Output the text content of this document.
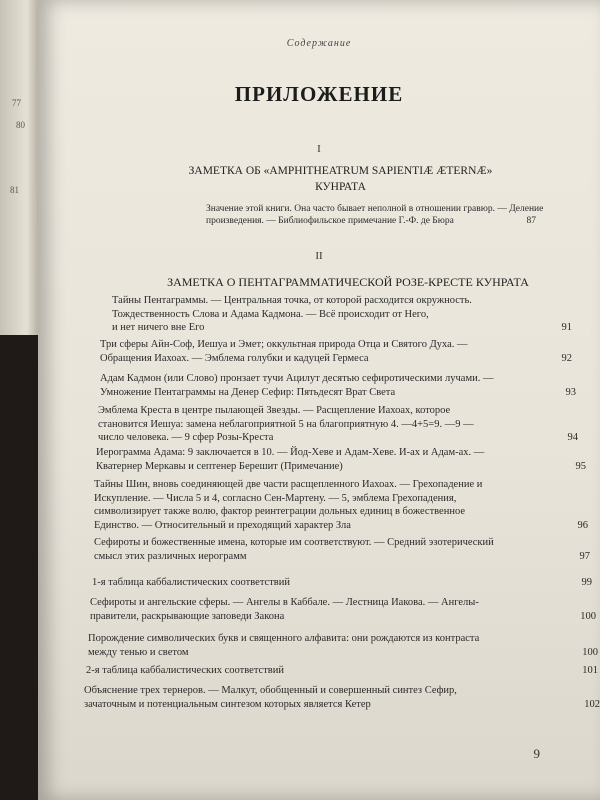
77
80
81
Содержание
ПРИЛОЖЕНИЕ
I
ЗАМЕТКА ОБ «AMPHITHEATRUM SAPIENTIÆ ÆTERNÆ»
КУНРАТА
Значение этой книги. Она часто бывает неполной в отношении гравюр. — Деление
произведения. — Библиофильское примечание Г.-Ф. де Бюра	87
II
ЗАМЕТКА О ПЕНТАГРАММАТИЧЕСКОЙ РОЗЕ-КРЕСТЕ КУНРАТА
Тайны Пентаграммы. — Центральная точка, от которой расходится окружность.
Тождественность Слова и Адама Кадмона. — Всё происходит от Него,
и нет ничего вне Его	91
Три сферы Айн-Соф, Иешуа и Эмет; оккультная природа Отца и Святого Духа. —
Обращения Иахоах. — Эмблема голубки и кадуцей Гермеса	92
Адам Кадмон (или Слово) пронзает тучи Ацилут десятью сефиротическими лучами. —
Умножение Пентаграммы на Денер Сефир: Пятьдесят Врат Света	93
Эмблема Креста в центре пылающей Звезды. — Расщепление Иахоах, которое
становится Иешуа: замена неблагоприятной 5 на благоприятную 4. —4+5=9. —9 —
число человека. — 9 сфер Розы-Креста	94
Иерограмма Адама: 9 заключается в 10. — Йод-Хеве и Адам-Хеве. И-ах и Адам-ах. —
Кватернер Меркавы и септенер Берешит (Примечание)	95
Тайны Шин, вновь соединяющей две части расщепленного Иахоах. — Грехопадение и
Искупление. — Числа 5 и 4, согласно Сен-Мартену. — 5, эмблема Грехопадения,
символизирует также волю, фактор реинтеграции дольных единиц в божественное
Единство. — Относительный и преходящий характер Зла	96
Сефироты и божественные имена, которые им соответствуют. — Средний эзотерический
смысл этих различных иерограмм	97
1-я таблица каббалистических соответствий	99
Сефироты и ангельские сферы. — Ангелы в Каббале. — Лестница Иакова. — Ангелы-
правители, раскрывающие заповеди Закона	100
Порождение символических букв и священного алфавита: они рождаются из контраста
между тенью и светом	100
2-я таблица каббалистических соответствий	101
Объяснение трех тернеров. — Малкут, обобщенный и совершенный синтез Сефир,
зачаточным и потенциальным синтезом которых является Кетер	102
9
